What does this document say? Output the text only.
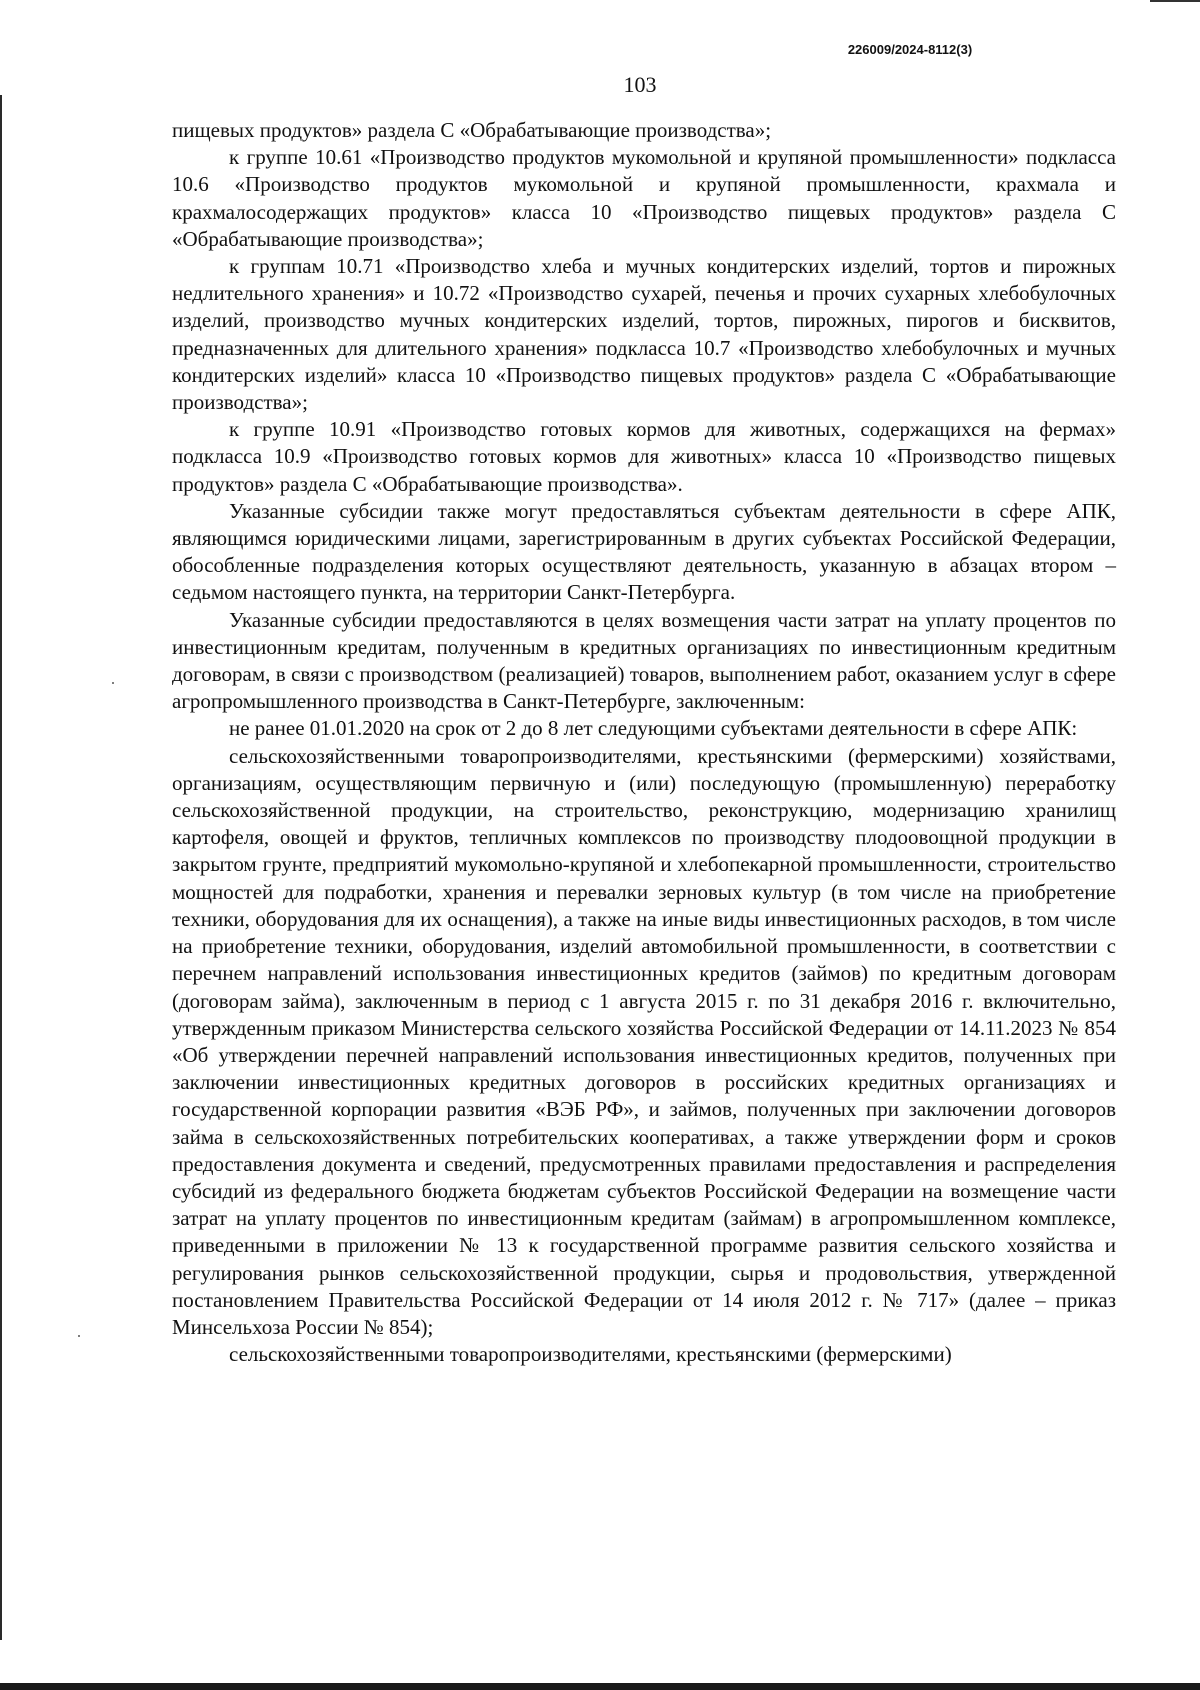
226009/2024-8112(3)
103

пищевых продуктов» раздела C «Обрабатывающие производства»;

к группе 10.61 «Производство продуктов мукомольной и крупяной промышленности» подкласса 10.6 «Производство продуктов мукомольной и крупяной промышленности, крахмала и крахмалосодержащих продуктов» класса 10 «Производство пищевых продуктов» раздела C «Обрабатывающие производства»;

к группам 10.71 «Производство хлеба и мучных кондитерских изделий, тортов и пирожных недлительного хранения» и 10.72 «Производство сухарей, печенья и прочих сухарных хлебобулочных изделий, производство мучных кондитерских изделий, тортов, пирожных, пирогов и бисквитов, предназначенных для длительного хранения» подкласса 10.7 «Производство хлебобулочных и мучных кондитерских изделий» класса 10 «Производство пищевых продуктов» раздела C «Обрабатывающие производства»;

к группе 10.91 «Производство готовых кормов для животных, содержащихся на фермах» подкласса 10.9 «Производство готовых кормов для животных» класса 10 «Производство пищевых продуктов» раздела C «Обрабатывающие производства».

Указанные субсидии также могут предоставляться субъектам деятельности в сфере АПК, являющимся юридическими лицами, зарегистрированным в других субъектах Российской Федерации, обособленные подразделения которых осуществляют деятельность, указанную в абзацах втором – седьмом настоящего пункта, на территории Санкт-Петербурга.

Указанные субсидии предоставляются в целях возмещения части затрат на уплату процентов по инвестиционным кредитам, полученным в кредитных организациях по инвестиционным кредитным договорам, в связи с производством (реализацией) товаров, выполнением работ, оказанием услуг в сфере агропромышленного производства в Санкт-Петербурге, заключенным:

не ранее 01.01.2020 на срок от 2 до 8 лет следующими субъектами деятельности в сфере АПК:

сельскохозяйственными товаропроизводителями, крестьянскими (фермерскими) хозяйствами, организациям, осуществляющим первичную и (или) последующую (промышленную) переработку сельскохозяйственной продукции, на строительство, реконструкцию, модернизацию хранилищ картофеля, овощей и фруктов, тепличных комплексов по производству плодоовощной продукции в закрытом грунте, предприятий мукомольно-крупяной и хлебопекарной промышленности, строительство мощностей для подработки, хранения и перевалки зерновых культур (в том числе на приобретение техники, оборудования для их оснащения), а также на иные виды инвестиционных расходов, в том числе на приобретение техники, оборудования, изделий автомобильной промышленности, в соответствии с перечнем направлений использования инвестиционных кредитов (займов) по кредитным договорам (договорам займа), заключенным в период с 1 августа 2015 г. по 31 декабря 2016 г. включительно, утвержденным приказом Министерства сельского хозяйства Российской Федерации от 14.11.2023 № 854 «Об утверждении перечней направлений использования инвестиционных кредитов, полученных при заключении инвестиционных кредитных договоров в российских кредитных организациях и государственной корпорации развития «ВЭБ РФ», и займов, полученных при заключении договоров займа в сельскохозяйственных потребительских кооперативах, а также утверждении форм и сроков предоставления документа и сведений, предусмотренных правилами предоставления и распределения субсидий из федерального бюджета бюджетам субъектов Российской Федерации на возмещение части затрат на уплату процентов по инвестиционным кредитам (займам) в агропромышленном комплексе, приведенными в приложении № 13 к государственной программе развития сельского хозяйства и регулирования рынков сельскохозяйственной продукции, сырья и продовольствия, утвержденной постановлением Правительства Российской Федерации от 14 июля 2012 г. № 717» (далее – приказ Минсельхоза России № 854);

сельскохозяйственными товаропроизводителями, крестьянскими (фермерскими)
